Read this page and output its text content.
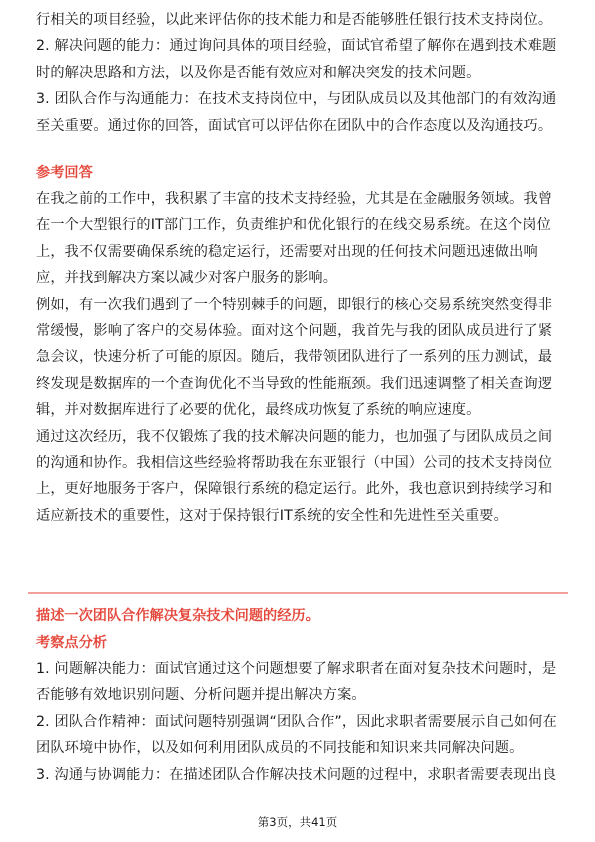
行相关的项目经验，以此来评估你的技术能力和是否能够胜任银行技术支持岗位。
2. 解决问题的能力：通过询问具体的项目经验，面试官希望了解你在遇到技术难题
时的解决思路和方法，以及你是否能有效应对和解决突发的技术问题。
3. 团队合作与沟通能力：在技术支持岗位中，与团队成员以及其他部门的有效沟通
至关重要。通过你的回答，面试官可以评估你在团队中的合作态度以及沟通技巧。
参考回答
在我之前的工作中，我积累了丰富的技术支持经验，尤其是在金融服务领域。我曾
在一个大型银行的IT部门工作，负责维护和优化银行的在线交易系统。在这个岗位
上，我不仅需要确保系统的稳定运行，还需要对出现的任何技术问题迅速做出响
应，并找到解决方案以减少对客户服务的影响。
例如，有一次我们遇到了一个特别棘手的问题，即银行的核心交易系统突然变得非
常缓慢，影响了客户的交易体验。面对这个问题，我首先与我的团队成员进行了紧
急会议，快速分析了可能的原因。随后，我带领团队进行了一系列的压力测试，最
终发现是数据库的一个查询优化不当导致的性能瓶颈。我们迅速调整了相关查询逻
辑，并对数据库进行了必要的优化，最终成功恢复了系统的响应速度。
通过这次经历，我不仅锻炼了我的技术解决问题的能力，也加强了与团队成员之间
的沟通和协作。我相信这些经验将帮助我在东亚银行（中国）公司的技术支持岗位
上，更好地服务于客户，保障银行系统的稳定运行。此外，我也意识到持续学习和
适应新技术的重要性，这对于保持银行IT系统的安全性和先进性至关重要。
描述一次团队合作解决复杂技术问题的经历。
考察点分析
1. 问题解决能力：面试官通过这个问题想要了解求职者在面对复杂技术问题时，是
否能够有效地识别问题、分析问题并提出解决方案。
2. 团队合作精神：面试问题特别强调“团队合作”，因此求职者需要展示自己如何在
团队环境中协作，以及如何利用团队成员的不同技能和知识来共同解决问题。
3. 沟通与协调能力：在描述团队合作解决技术问题的过程中，求职者需要表现出良
第3页，共41页
